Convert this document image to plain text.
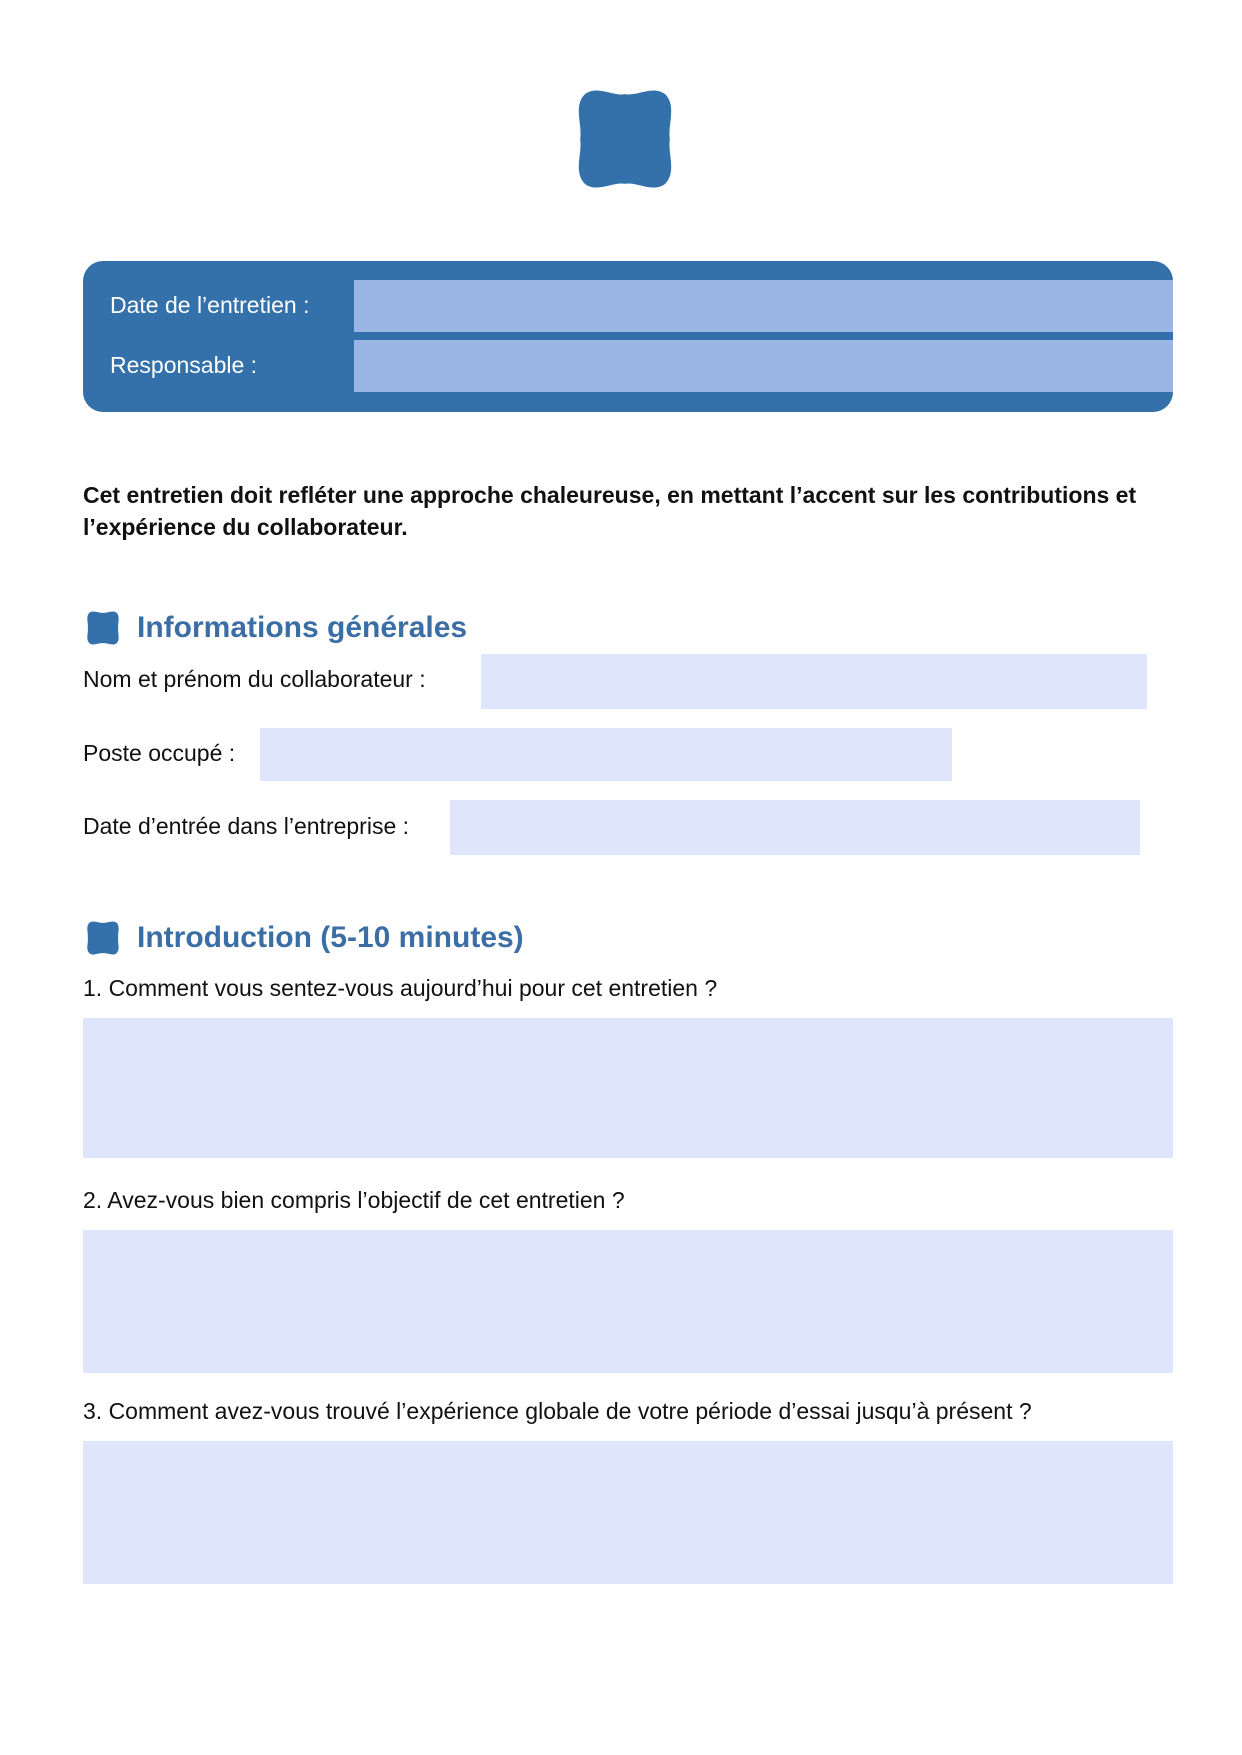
Date de l’entretien :
Responsable :
Cet entretien doit refléter une approche chaleureuse, en mettant l’accent sur les contributions et l’expérience du collaborateur.
Informations générales
Nom et prénom du collaborateur :
Poste occupé :
Date d’entrée dans l’entreprise :
Introduction (5-10 minutes)
1. Comment vous sentez-vous aujourd’hui pour cet entretien ?
2. Avez-vous bien compris l’objectif de cet entretien ?
3. Comment avez-vous trouvé l’expérience globale de votre période d’essai jusqu’à présent ?
